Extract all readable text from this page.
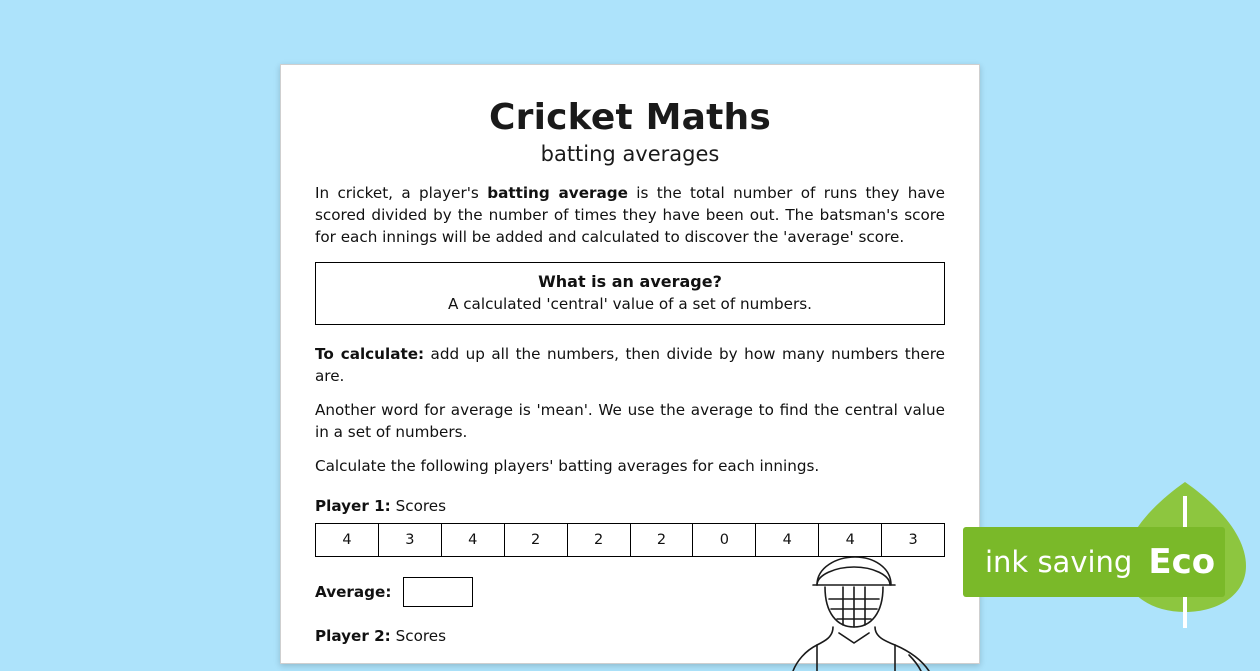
Cricket Maths
batting averages

In cricket, a player's batting average is the total number of runs they have scored divided by the number of times they have been out. The batsman's score for each innings will be added and calculated to discover the 'average' score.

What is an average?
A calculated 'central' value of a set of numbers.

To calculate: add up all the numbers, then divide by how many numbers there are.

Another word for average is 'mean'. We use the average to find the central value in a set of numbers.

Calculate the following players' batting averages for each innings.

Player 1: Scores
4	3	4	2	2	2	0	4	4	3
Average:
Player 2: Scores
ink saving Eco
